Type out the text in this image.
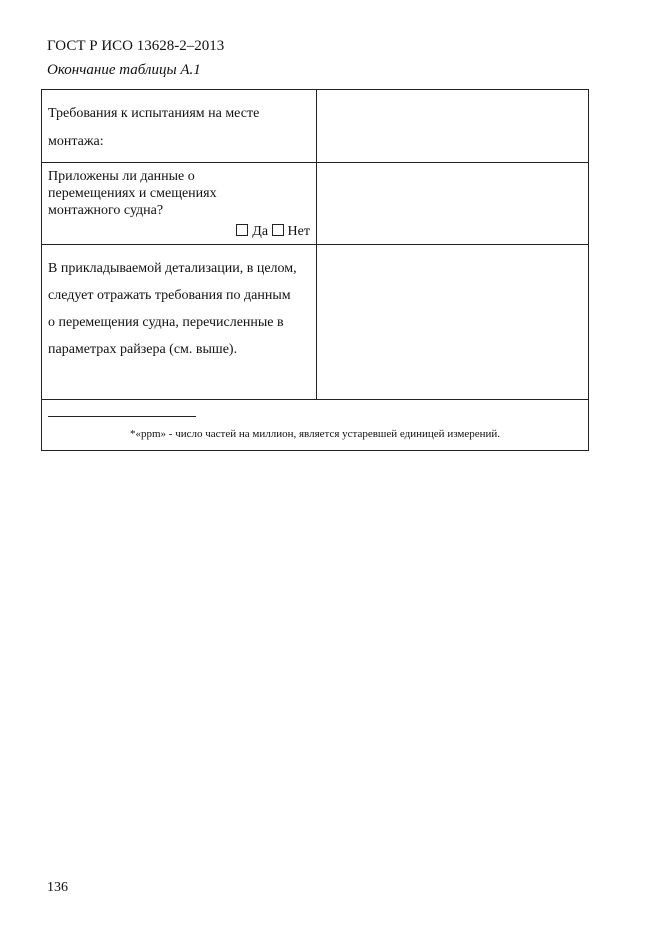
ГОСТ Р ИСО 13628-2–2013
Окончание таблицы А.1
Требования к испытаниям на месте монтажа:	

Приложены ли данные о перемещениях и смещениях монтажного судна?
Да Нет	

В прикладываемой детализации, в целом, следует отражать требования по данным о перемещения судна, перечисленные в параметрах райзера (см. выше).	

*«ppm» - число частей на миллион, является устаревшей единицей измерений.	
136
